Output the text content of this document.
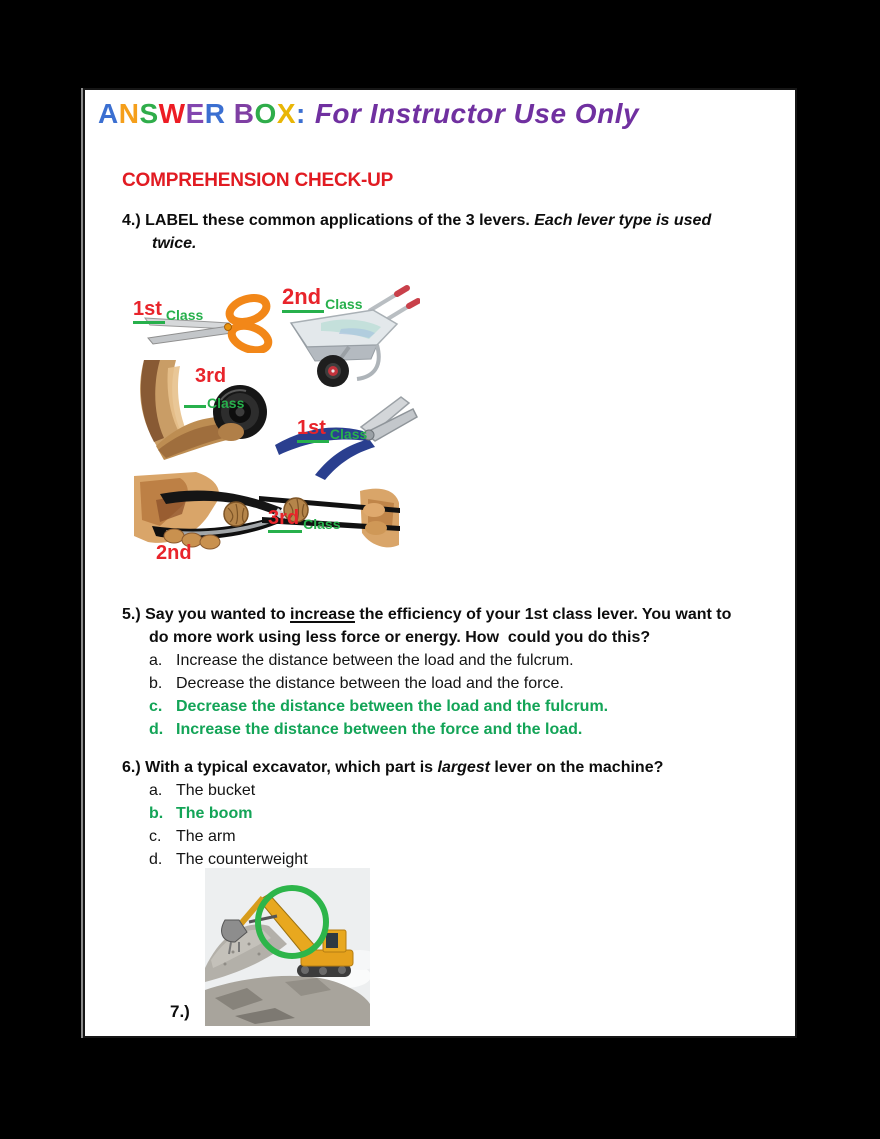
ANSWER BOX: For Instructor Use Only
COMPREHENSION CHECK-UP
4.) LABEL these common applications of the 3 levers. Each lever type is used
twice.
1st Class
2nd Class
3rd
Class
1st Class
2nd
3rd Class
5.) Say you wanted to increase the efficiency of your 1st class lever. You want to
do more work using less force or energy. How  could you do this?
a. Increase the distance between the load and the fulcrum.
b. Decrease the distance between the load and the force.
c. Decrease the distance between the load and the fulcrum.
d. Increase the distance between the force and the load.
6.) With a typical excavator, which part is largest lever on the machine?
a. The bucket
b. The boom
c. The arm
d. The counterweight
7.)
